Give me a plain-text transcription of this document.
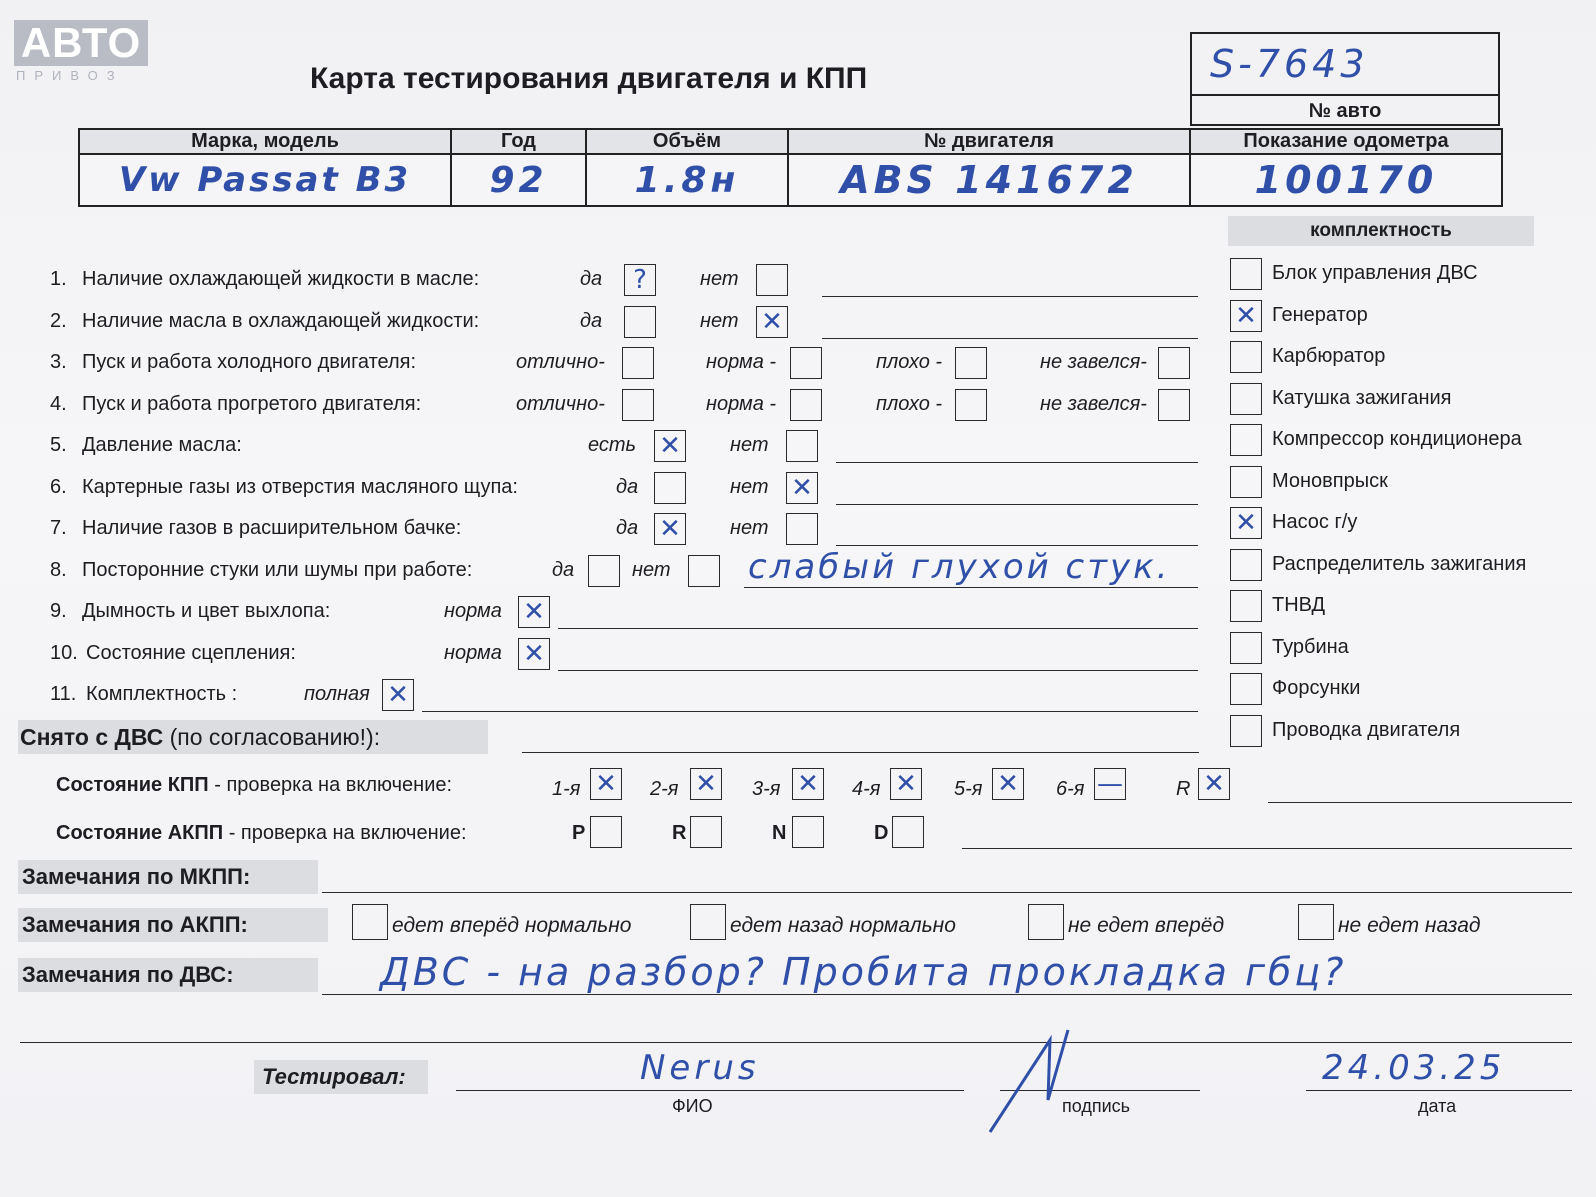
АВТО
ПРИВОЗ	Карта тестирования двигателя и КПП	S-7643
№ авто
Марка, модель	Год	Объём	№ двигателя	Показание одометра
Vw Passat B3	92	1.8н	ABS 141672	100170
комплектность
Блок управления ДВС
✕ Генератор
Карбюратор
Катушка зажигания
Компрессор кондиционера
Моновпрыск
✕ Насос г/у
Распределитель зажигания
ТНВД
Турбина
Форсунки
Проводка двигателя
1. Наличие охлаждающей жидкости в масле:	да	?	нет
2. Наличие масла в охлаждающей жидкости:	да	нет ✕
3. Пуск и работа холодного двигателя:	отлично-	норма -	плохо -	не завелся-
4. Пуск и работа прогретого двигателя:	отлично-	норма -	плохо -	не завелся-
5. Давление масла:	есть ✕ нет
6. Картерные газы из отверстия масляного щупа:	да	нет ✕
7. Наличие газов в расширительном бачке:	да ✕ нет
8. Посторонние стуки или шумы при работе:	да	нет слабый глухой стук.
9. Дымность и цвет выхлопа:	норма ✕
10. Состояние сцепления:	норма ✕
11. Комплектность :	полная ✕
Снято с ДВС (по согласованию!):
Состояние КПП - проверка на включение:	1-я ✕ 2-я ✕ 3-я ✕ 4-я ✕ 5-я ✕ 6-я —	R ✕
Состояние АКПП - проверка на включение:	P	R	N	D
Замечания по МКПП:
Замечания по АКПП:	едет вперёд нормально	едет назад нормально	не едет вперёд	не едет назад
Замечания по ДВС:	ДВС - на разбор? Пробита прокладка гбц?
Тестировал:	Nerus
ФИО	подпись
24.03.25
дата
